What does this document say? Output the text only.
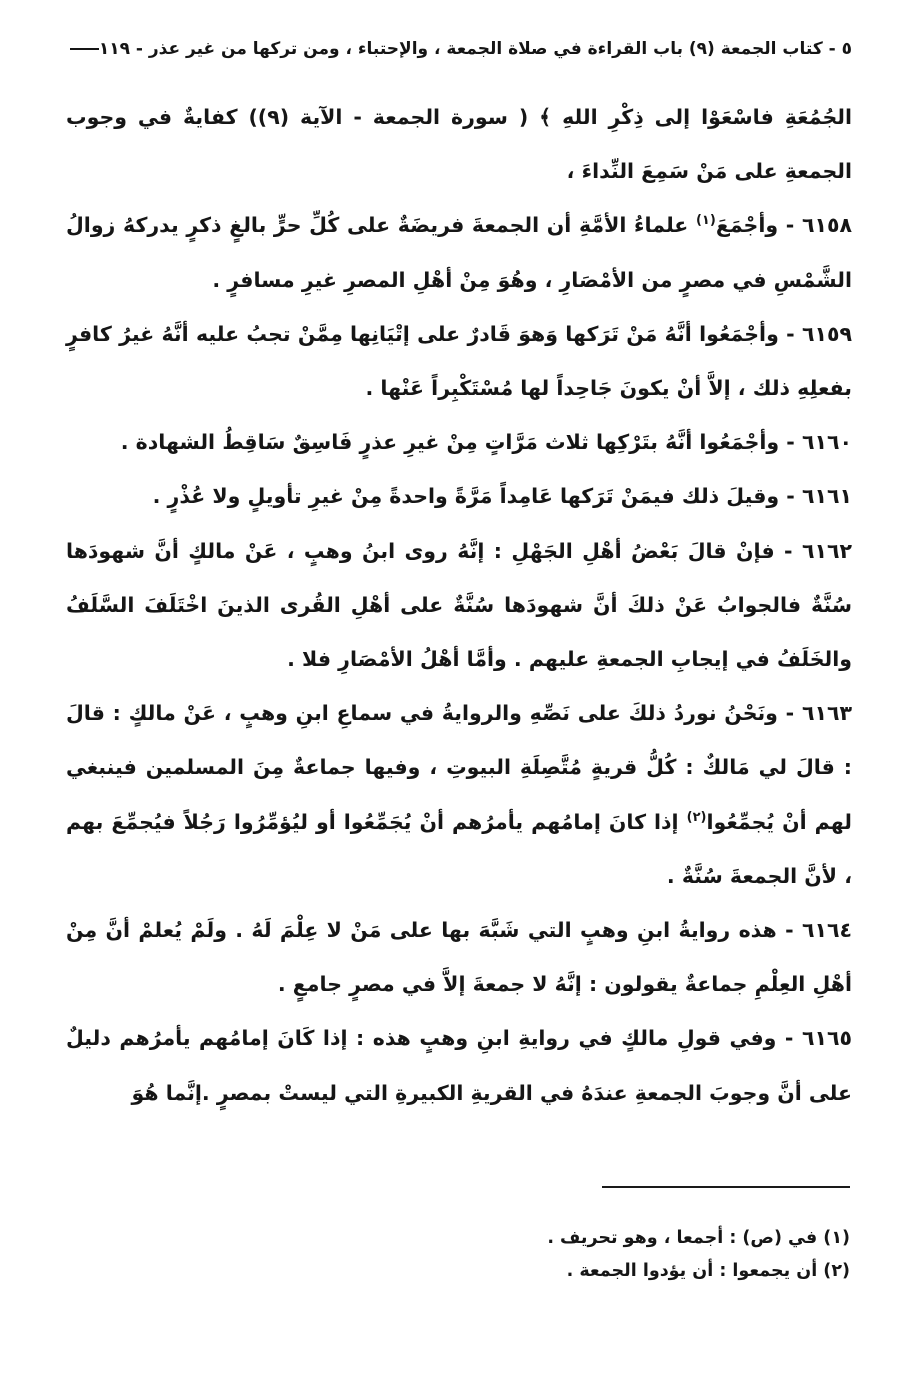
٥ - كتاب الجمعة (٩) باب القراءة في صلاة الجمعة ، والإحتباء ، ومن تركها من غير عذر - ١١٩

الجُمُعَةِ فاسْعَوْا إلى ذِكْرِ اللهِ ﴾ ( سورة الجمعة - الآية (٩)) كفايةٌ في وجوب الجمعةِ على مَنْ سَمِعَ النِّداءَ ،

٦١٥٨ - وأجْمَعَ$^{(١)}$ علماءُ الأمَّةِ أن الجمعةَ فريضَةٌ على كُلِّ حرٍّ بالغٍ ذكرٍ يدركهُ زوالُ الشَّمْسِ في مصرٍ من الأمْصَارِ ، وهُوَ مِنْ أهْلِ المصرِ غيرِ مسافرٍ .

٦١٥٩ - وأجْمَعُوا أنَّهُ مَنْ تَرَكها وَهوَ قَادرٌ على إتْيَانِها مِمَّنْ تجبُ عليه أنَّهُ غيرُ كافرٍ بفعلِهِ ذلك ، إلاَّ أنْ يكونَ جَاحِداً لها مُسْتَكْبِراً عَنْها .

٦١٦٠ - وأجْمَعُوا أنَّهُ بتَرْكِها ثلاث مَرَّاتٍ مِنْ غيرِ عذرٍ فَاسِقٌ سَاقِطُ الشهادة .

٦١٦١ - وقيلَ ذلك فيمَنْ تَرَكها عَامِداً مَرَّةً واحدةً مِنْ غيرِ تأويلٍ ولا عُذْرٍ .

٦١٦٢ - فإنْ قالَ بَعْضُ أهْلِ الجَهْلِ : إنَّهُ روى ابنُ وهبٍ ، عَنْ مالكٍ أنَّ شهودَها سُنَّةٌ فالجوابُ عَنْ ذلكَ أنَّ شهودَها سُنَّةٌ على أهْلِ القُرى الذينَ اخْتَلَفَ السَّلَفُ والخَلَفُ في إيجابِ الجمعةِ عليهم . وأمَّا أهْلُ الأمْصَارِ فلا .

٦١٦٣ - ونَحْنُ نوردُ ذلكَ على نَصِّهِ والروايةُ في سماعِ ابنِ وهبٍ ، عَنْ مالكٍ : قالَ : قالَ لي مَالكٌ : كُلُّ قريةٍ مُتَّصِلَةِ البيوتِ ، وفيها جماعةٌ مِنَ المسلمين فينبغي لهم أنْ يُجمِّعُوا$^{(٢)}$ إذا كانَ إمامُهم يأمرُهم أنْ يُجَمِّعُوا أو ليُؤمِّرُوا رَجُلاً فيُجمِّعَ بهم ، لأنَّ الجمعةَ سُنَّةٌ .

٦١٦٤ - هذه روايةُ ابنِ وهبٍ التي شَبَّهَ بها على مَنْ لا عِلْمَ لَهُ . ولَمْ يُعلمْ أنَّ مِنْ أهْلِ العِلْمِ جماعةٌ يقولون : إنَّهُ لا جمعةَ إلاَّ في مصرٍ جامعٍ .

٦١٦٥ - وفي قولِ مالكٍ في روايةِ ابنِ وهبٍ هذه : إذا كَانَ إمامُهم يأمرُهم دليلٌ على أنَّ وجوبَ الجمعةِ عندَهُ في القريةِ الكبيرةِ التي ليستْ بمصرٍ .إنَّما هُوَ

(١) في (ص) : أجمعا ، وهو تحريف .

(٢) أن يجمعوا : أن يؤدوا الجمعة .
